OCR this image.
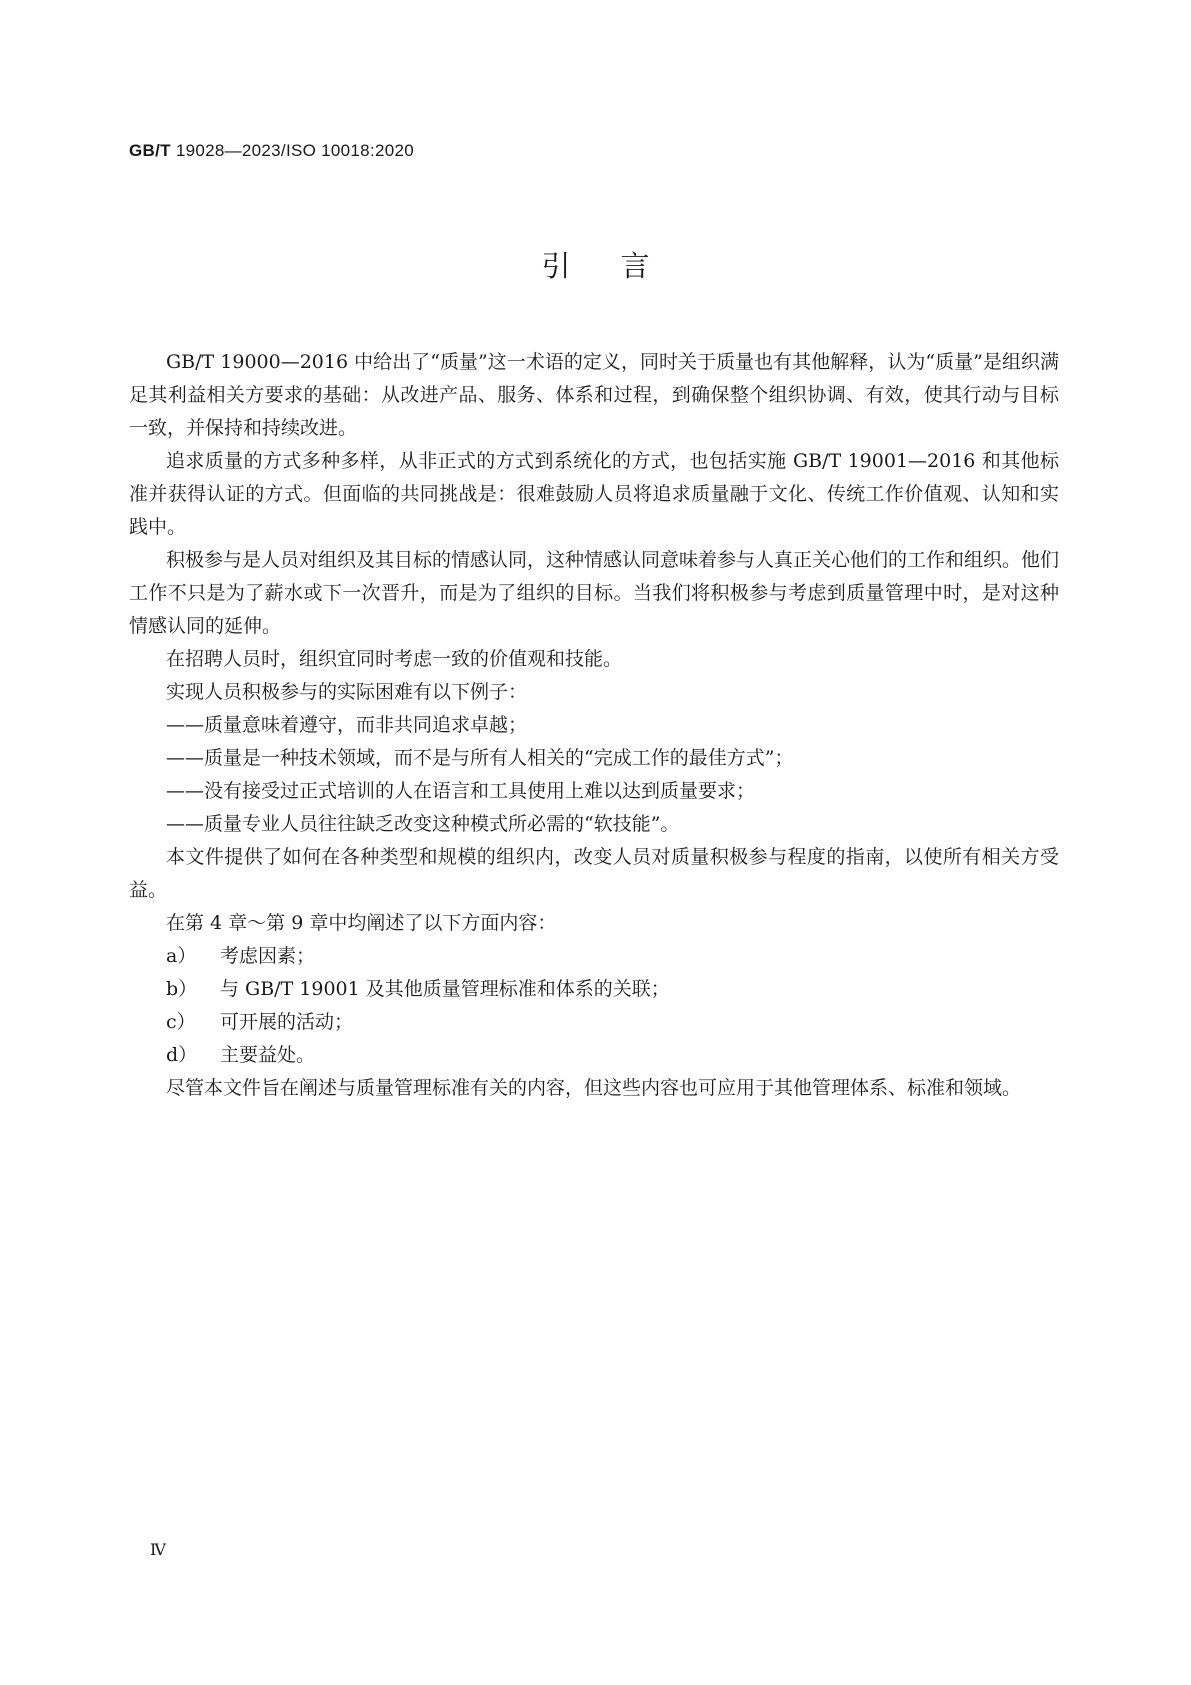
GB/T 19028—2023/ISO 10018:2020
引言

GB/T 19000—2016 中给出了“质量”这一术语的定义，同时关于质量也有其他解释，认为“质量”是组织满足其利益相关方要求的基础：从改进产品、服务、体系和过程，到确保整个组织协调、有效，使其行动与目标一致，并保持和持续改进。

追求质量的方式多种多样，从非正式的方式到系统化的方式，也包括实施 GB/T 19001—2016 和其他标准并获得认证的方式。但面临的共同挑战是：很难鼓励人员将追求质量融于文化、传统工作价值观、认知和实践中。

积极参与是人员对组织及其目标的情感认同，这种情感认同意味着参与人真正关心他们的工作和组织。他们工作不只是为了薪水或下一次晋升，而是为了组织的目标。当我们将积极参与考虑到质量管理中时，是对这种情感认同的延伸。

在招聘人员时，组织宜同时考虑一致的价值观和技能。

实现人员积极参与的实际困难有以下例子：

——质量意味着遵守，而非共同追求卓越；

——质量是一种技术领域，而不是与所有人相关的“完成工作的最佳方式”；

——没有接受过正式培训的人在语言和工具使用上难以达到质量要求；

——质量专业人员往往缺乏改变这种模式所必需的“软技能”。

本文件提供了如何在各种类型和规模的组织内，改变人员对质量积极参与程度的指南，以使所有相关方受益。

在第 4 章～第 9 章中均阐述了以下方面内容：

a） 考虑因素；

b） 与 GB/T 19001 及其他质量管理标准和体系的关联；

c） 可开展的活动；

d） 主要益处。

尽管本文件旨在阐述与质量管理标准有关的内容，但这些内容也可应用于其他管理体系、标准和领域。

Ⅳ
